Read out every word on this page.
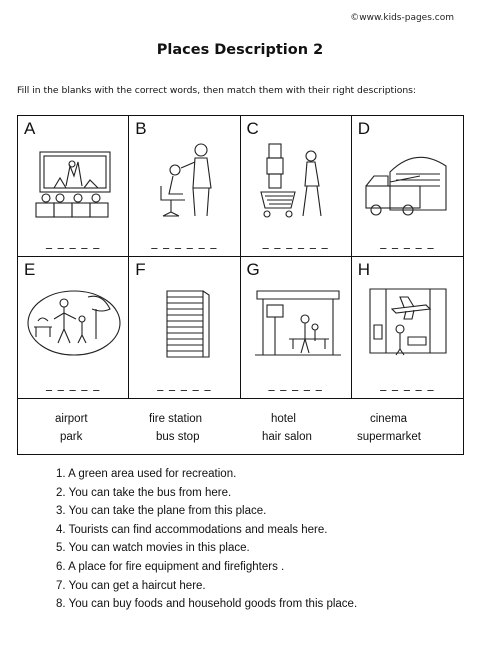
©www.kids-pages.com
Places Description 2
Fill in the blanks with the correct words, then match them with their right descriptions:
A
_ _ _ _ _
B
_ _ _ _ _ _
C
_ _ _ _ _ _
D
_ _ _ _ _
E
_ _ _ _ _
F
_ _ _ _ _
G
_ _ _ _ _
H
_ _ _ _ _
airport	fire station	hotel	cinema
park	bus stop	hair salon	supermarket
1. A green area used for recreation.
2. You can take the bus from here.
3. You can take the plane from this place.
4. Tourists can find accommodations and meals here.
5. You can watch movies in this place.
6. A place for fire equipment and firefighters .
7. You can get a haircut here.
8. You can buy foods and household goods from this place.
